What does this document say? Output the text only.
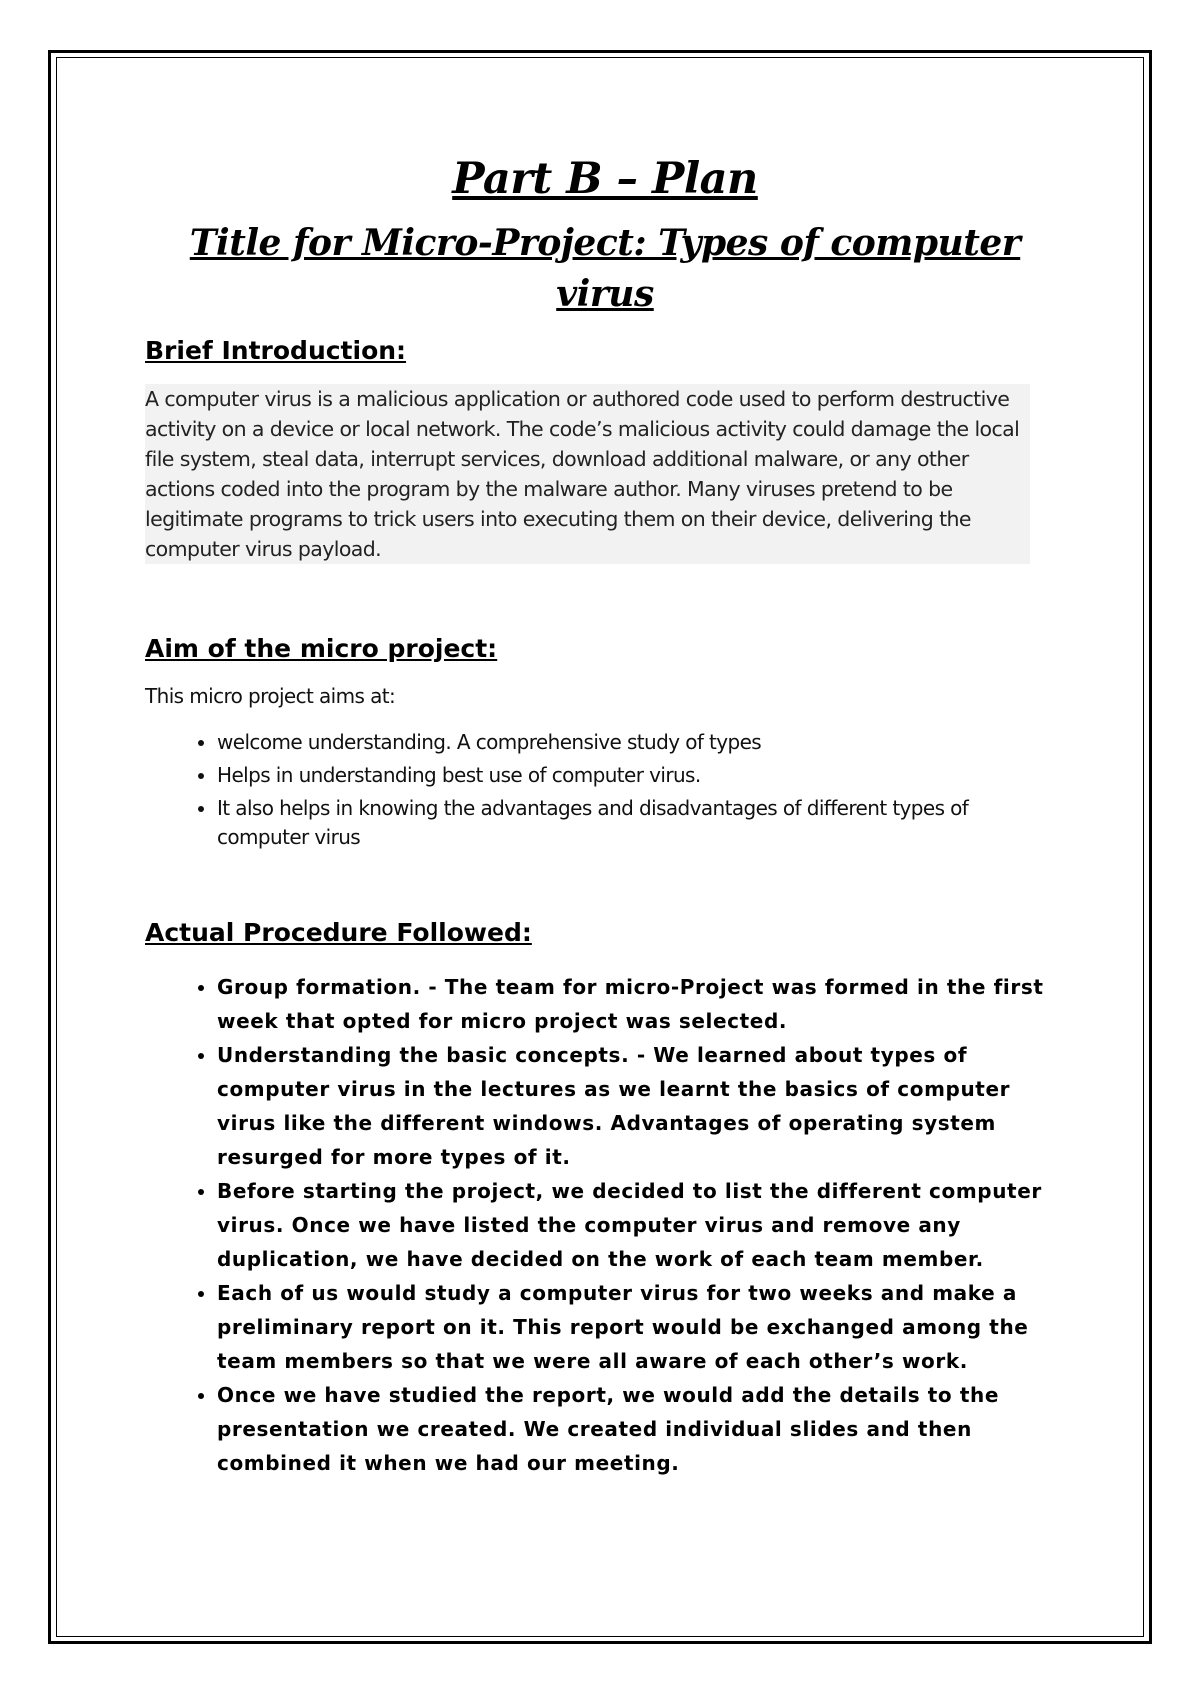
Part B – Plan
Title for Micro-Project: Types of computer virus
Brief Introduction:
A computer virus is a malicious application or authored code used to perform destructive activity on a device or local network. The code’s malicious activity could damage the local file system, steal data, interrupt services, download additional malware, or any other actions coded into the program by the malware author. Many viruses pretend to be legitimate programs to trick users into executing them on their device, delivering the computer virus payload.
Aim of the micro project:
This micro project aims at:
• welcome understanding. A comprehensive study of types
• Helps in understanding best use of computer virus.
• It also helps in knowing the advantages and disadvantages of different types of computer virus
Actual Procedure Followed:
• Group formation. - The team for micro-Project was formed in the first week that opted for micro project was selected.
• Understanding the basic concepts. - We learned about types of computer virus in the lectures as we learnt the basics of computer virus like the different windows. Advantages of operating system resurged for more types of it.
• Before starting the project, we decided to list the different computer virus. Once we have listed the computer virus and remove any duplication, we have decided on the work of each team member.
• Each of us would study a computer virus for two weeks and make a preliminary report on it. This report would be exchanged among the team members so that we were all aware of each other’s work.
• Once we have studied the report, we would add the details to the presentation we created. We created individual slides and then combined it when we had our meeting.
